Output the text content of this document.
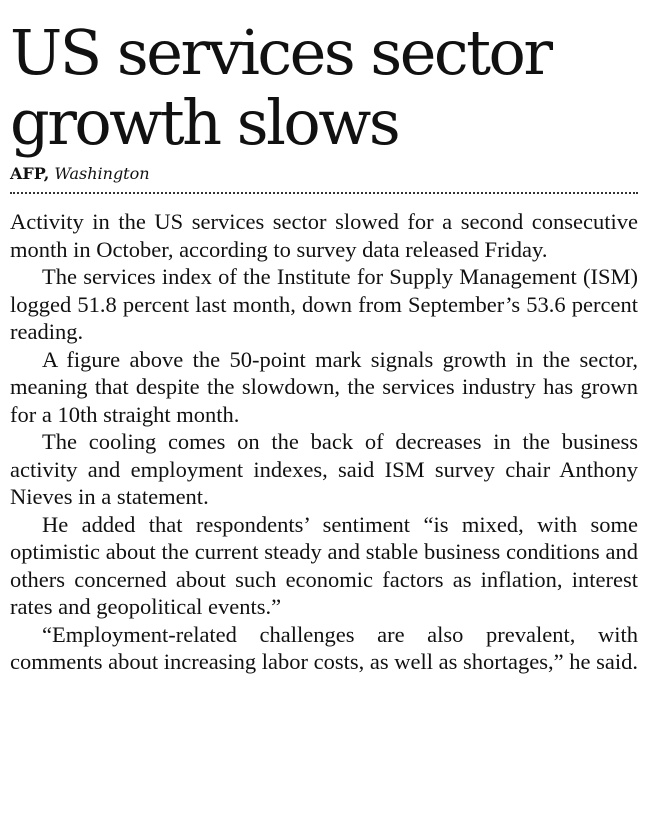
US services sector
growth slows
AFP, Washington

Activity in the US services sector slowed for a second consecutive month in October, according to survey data released Friday.

The services index of the Institute for Supply Management (ISM) logged 51.8 percent last month, down from September’s 53.6 percent reading.

A figure above the 50-point mark signals growth in the sector, meaning that despite the slowdown, the services industry has grown for a 10th straight month.

The cooling comes on the back of decreases in the business activity and employment indexes, said ISM survey chair Anthony Nieves in a statement.

He added that respondents’ sentiment “is mixed, with some optimistic about the current steady and stable business conditions and others concerned about such economic factors as inflation, interest rates and geopolitical events.”

“Employment-related challenges are also prevalent, with comments about increasing labor costs, as well as shortages,” he said.
